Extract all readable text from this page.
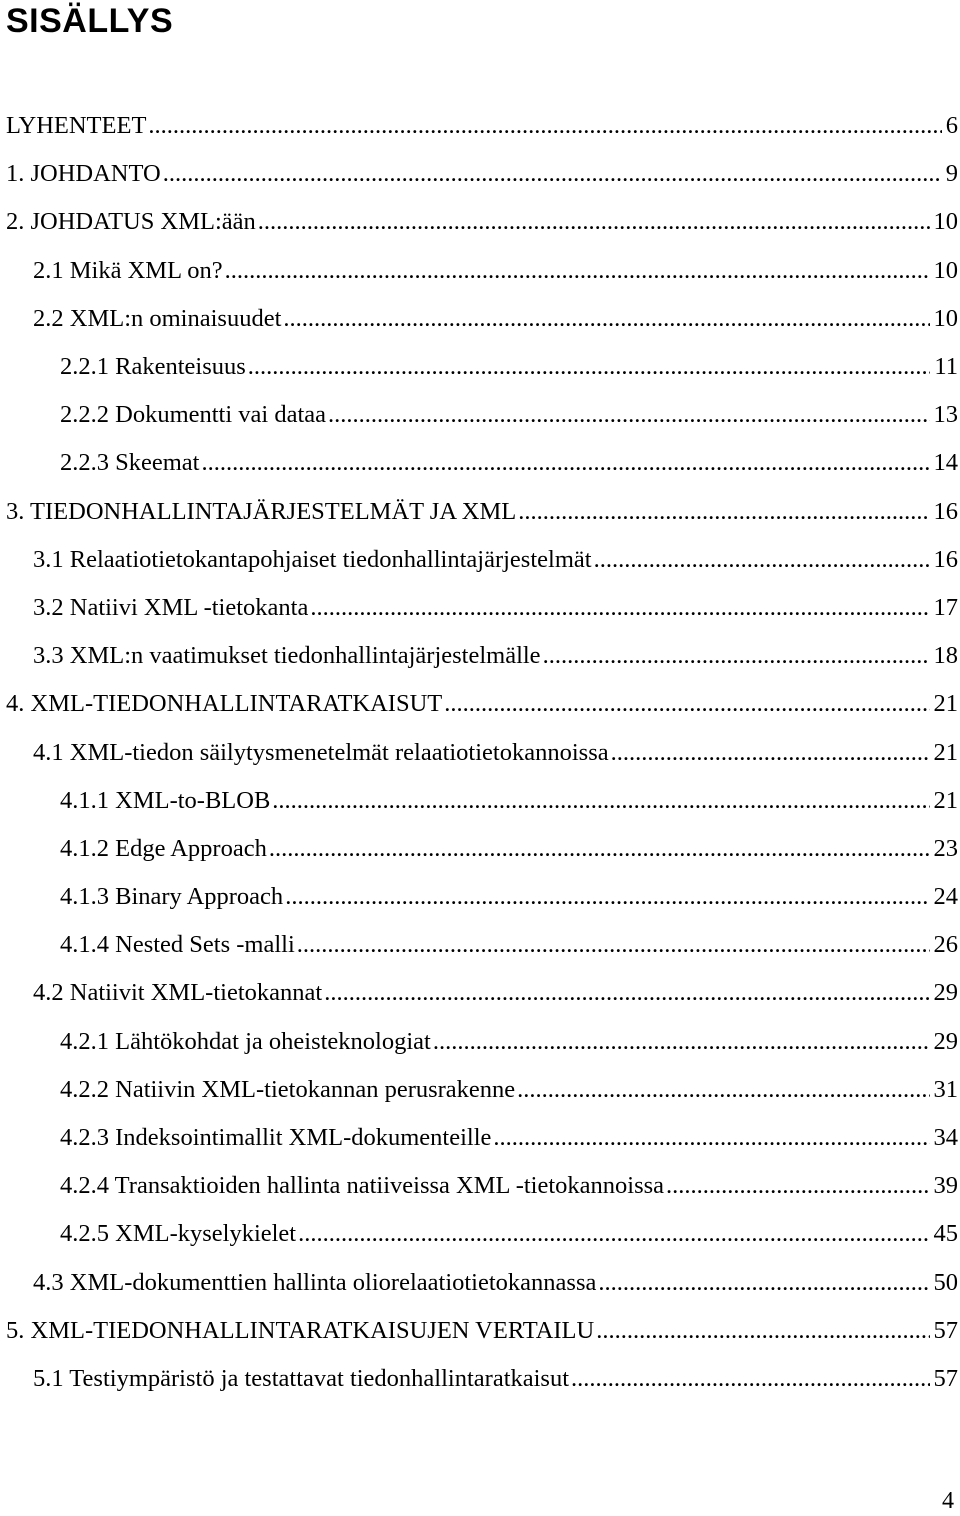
SISÄLLYS
LYHENTEET .....	6
1. JOHDANTO .....	9
2. JOHDATUS XML:ään .....	10
2.1 Mikä XML on? .....	10
2.2 XML:n ominaisuudet .....	10
2.2.1 Rakenteisuus .....	11
2.2.2 Dokumentti vai dataa .....	13
2.2.3 Skeemat .....	14
3. TIEDONHALLINTAJÄRJESTELMÄT JA XML .....	16
3.1 Relaatiotietokantapohjaiset tiedonhallintajärjestelmät .....	16
3.2 Natiivi XML -tietokanta .....	17
3.3 XML:n vaatimukset tiedonhallintajärjestelmälle .....	18
4. XML-TIEDONHALLINTARATKAISUT .....	21
4.1 XML-tiedon säilytysmenetelmät relaatiotietokannoissa .....	21
4.1.1 XML-to-BLOB .....	21
4.1.2 Edge Approach .....	23
4.1.3 Binary Approach .....	24
4.1.4 Nested Sets -malli .....	26
4.2 Natiivit XML-tietokannat .....	29
4.2.1 Lähtökohdat ja oheisteknologiat .....	29
4.2.2 Natiivin XML-tietokannan perusrakenne .....	31
4.2.3 Indeksointimallit XML-dokumenteille .....	34
4.2.4 Transaktioiden hallinta natiiveissa XML -tietokannoissa .....	39
4.2.5 XML-kyselykielet .....	45
4.3 XML-dokumenttien hallinta oliorelaatiotietokannassa .....	50
5. XML-TIEDONHALLINTARATKAISUJEN VERTAILU .....	57
5.1 Testiympäristö ja testattavat tiedonhallintaratkaisut .....	57
4
